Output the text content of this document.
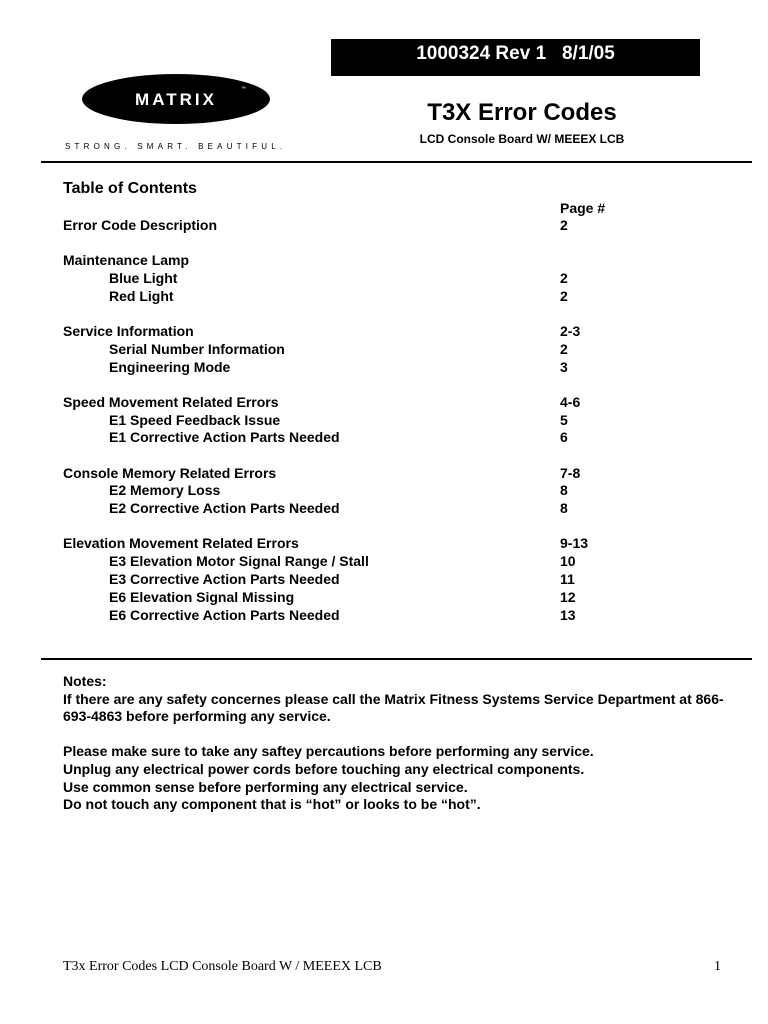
1000324 Rev 1   8/1/05
MATRIX
™
STRONG. SMART. BEAUTIFUL.
T3X Error Codes
LCD Console Board W/ MEEEX LCB
Table of Contents
Page #
Error Code Description	2
Maintenance Lamp
Blue Light	2
Red Light	2
Service Information	2-3
Serial Number Information	2
Engineering Mode	3
Speed Movement Related Errors	4-6
E1 Speed Feedback Issue	5
E1 Corrective Action Parts Needed	6
Console Memory Related Errors	7-8
E2 Memory Loss	8
E2 Corrective Action Parts Needed	8
Elevation Movement Related Errors	9-13
E3 Elevation Motor Signal Range / Stall	10
E3 Corrective Action Parts Needed	11
E6 Elevation Signal Missing	12
E6 Corrective Action Parts Needed	13

Notes:

If there are any safety concernes please call the Matrix Fitness Systems Service Department at 866-693-4863 before performing any service.

Please make sure to take any saftey percautions before performing any service.

Unplug any electrical power cords before touching any electrical components.

Use common sense before performing any electrical service.

Do not touch any component that is “hot” or looks to be “hot”.

T3x Error Codes LCD Console Board W / MEEEX LCB	1
